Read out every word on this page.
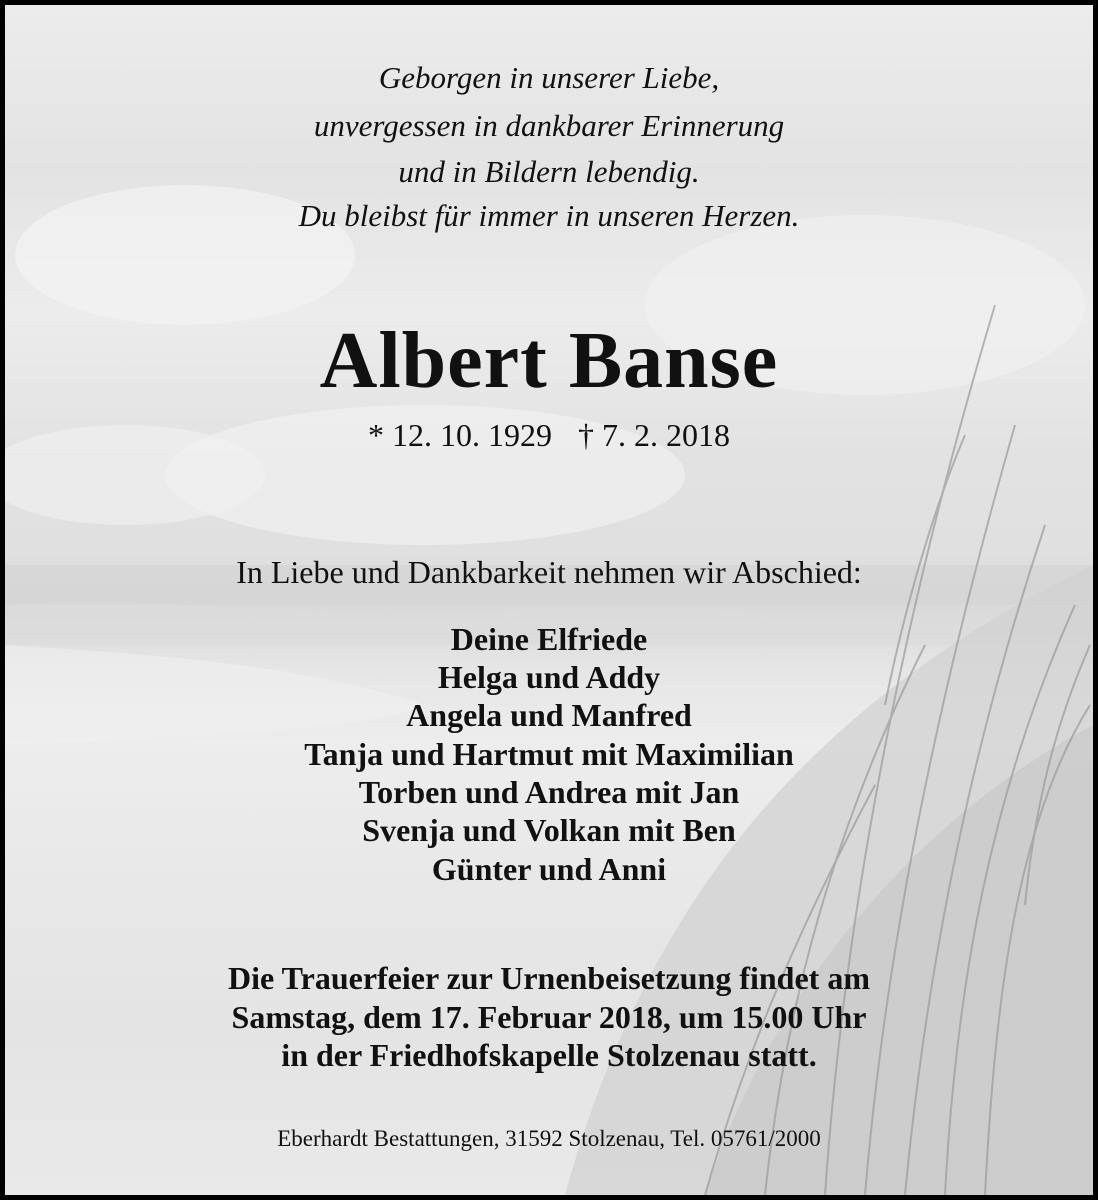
Geborgen in unserer Liebe,
unvergessen in dankbarer Erinnerung
und in Bildern lebendig.
Du bleibst für immer in unseren Herzen.
Albert Banse
* 12. 10. 1929 † 7. 2. 2018
In Liebe und Dankbarkeit nehmen wir Abschied:
Deine Elfriede
Helga und Addy
Angela und Manfred
Tanja und Hartmut mit Maximilian
Torben und Andrea mit Jan
Svenja und Volkan mit Ben
Günter und Anni
Die Trauerfeier zur Urnenbeisetzung findet am
Samstag, dem 17. Februar 2018, um 15.00 Uhr
in der Friedhofskapelle Stolzenau statt.
Eberhardt Bestattungen, 31592 Stolzenau, Tel. 05761/2000
